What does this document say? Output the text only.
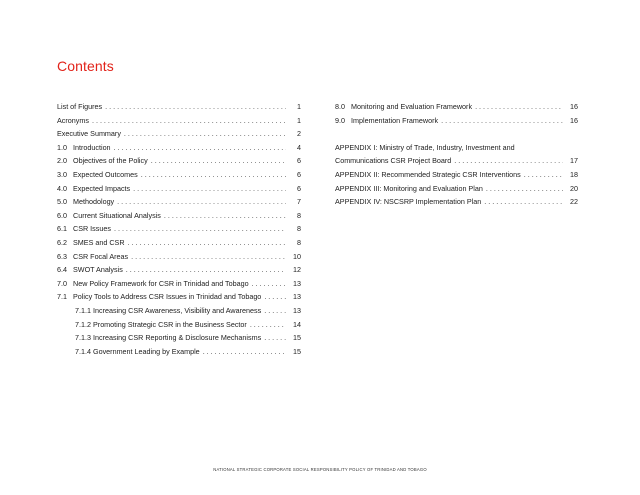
Contents
List of Figures . . .	1
Acronyms . . .	1
Executive Summary . . .	2
1.0 Introduction . . .	4
2.0 Objectives of the Policy . . .	6
3.0 Expected Outcomes . . .	6
4.0 Expected Impacts . . .	6
5.0 Methodology . . .	7
6.0 Current Situational Analysis . . .	8
6.1 CSR Issues . . .	8
6.2 SMES and CSR . . .	8
6.3 CSR Focal Areas . . .	10
6.4 SWOT Analysis . . .	12
7.0 New Policy Framework for CSR in Trinidad and Tobago . . .	13
7.1 Policy Tools to Address CSR Issues in Trinidad and Tobago . . .	13
7.1.1 Increasing CSR Awareness, Visibility and Awareness . . .	13
7.1.2 Promoting Strategic CSR in the Business Sector . . .	14
7.1.3 Increasing CSR Reporting & Disclosure Mechanisms . . .	15
7.1.4 Government Leading by Example . . .	15
8.0 Monitoring and Evaluation Framework . . .	16
9.0 Implementation Framework . . .	16
APPENDIX I: Ministry of Trade, Industry, Investment and
Communications CSR Project Board . . .	17
APPENDIX II: Recommended Strategic CSR Interventions . . .	18
APPENDIX III: Monitoring and Evaluation Plan . . .	20
APPENDIX IV: NSCSRP Implementation Plan . . .	22
NATIONAL STRATEGIC CORPORATE SOCIAL RESPONSIBILITY POLICY OF TRINIDAD AND TOBAGO
